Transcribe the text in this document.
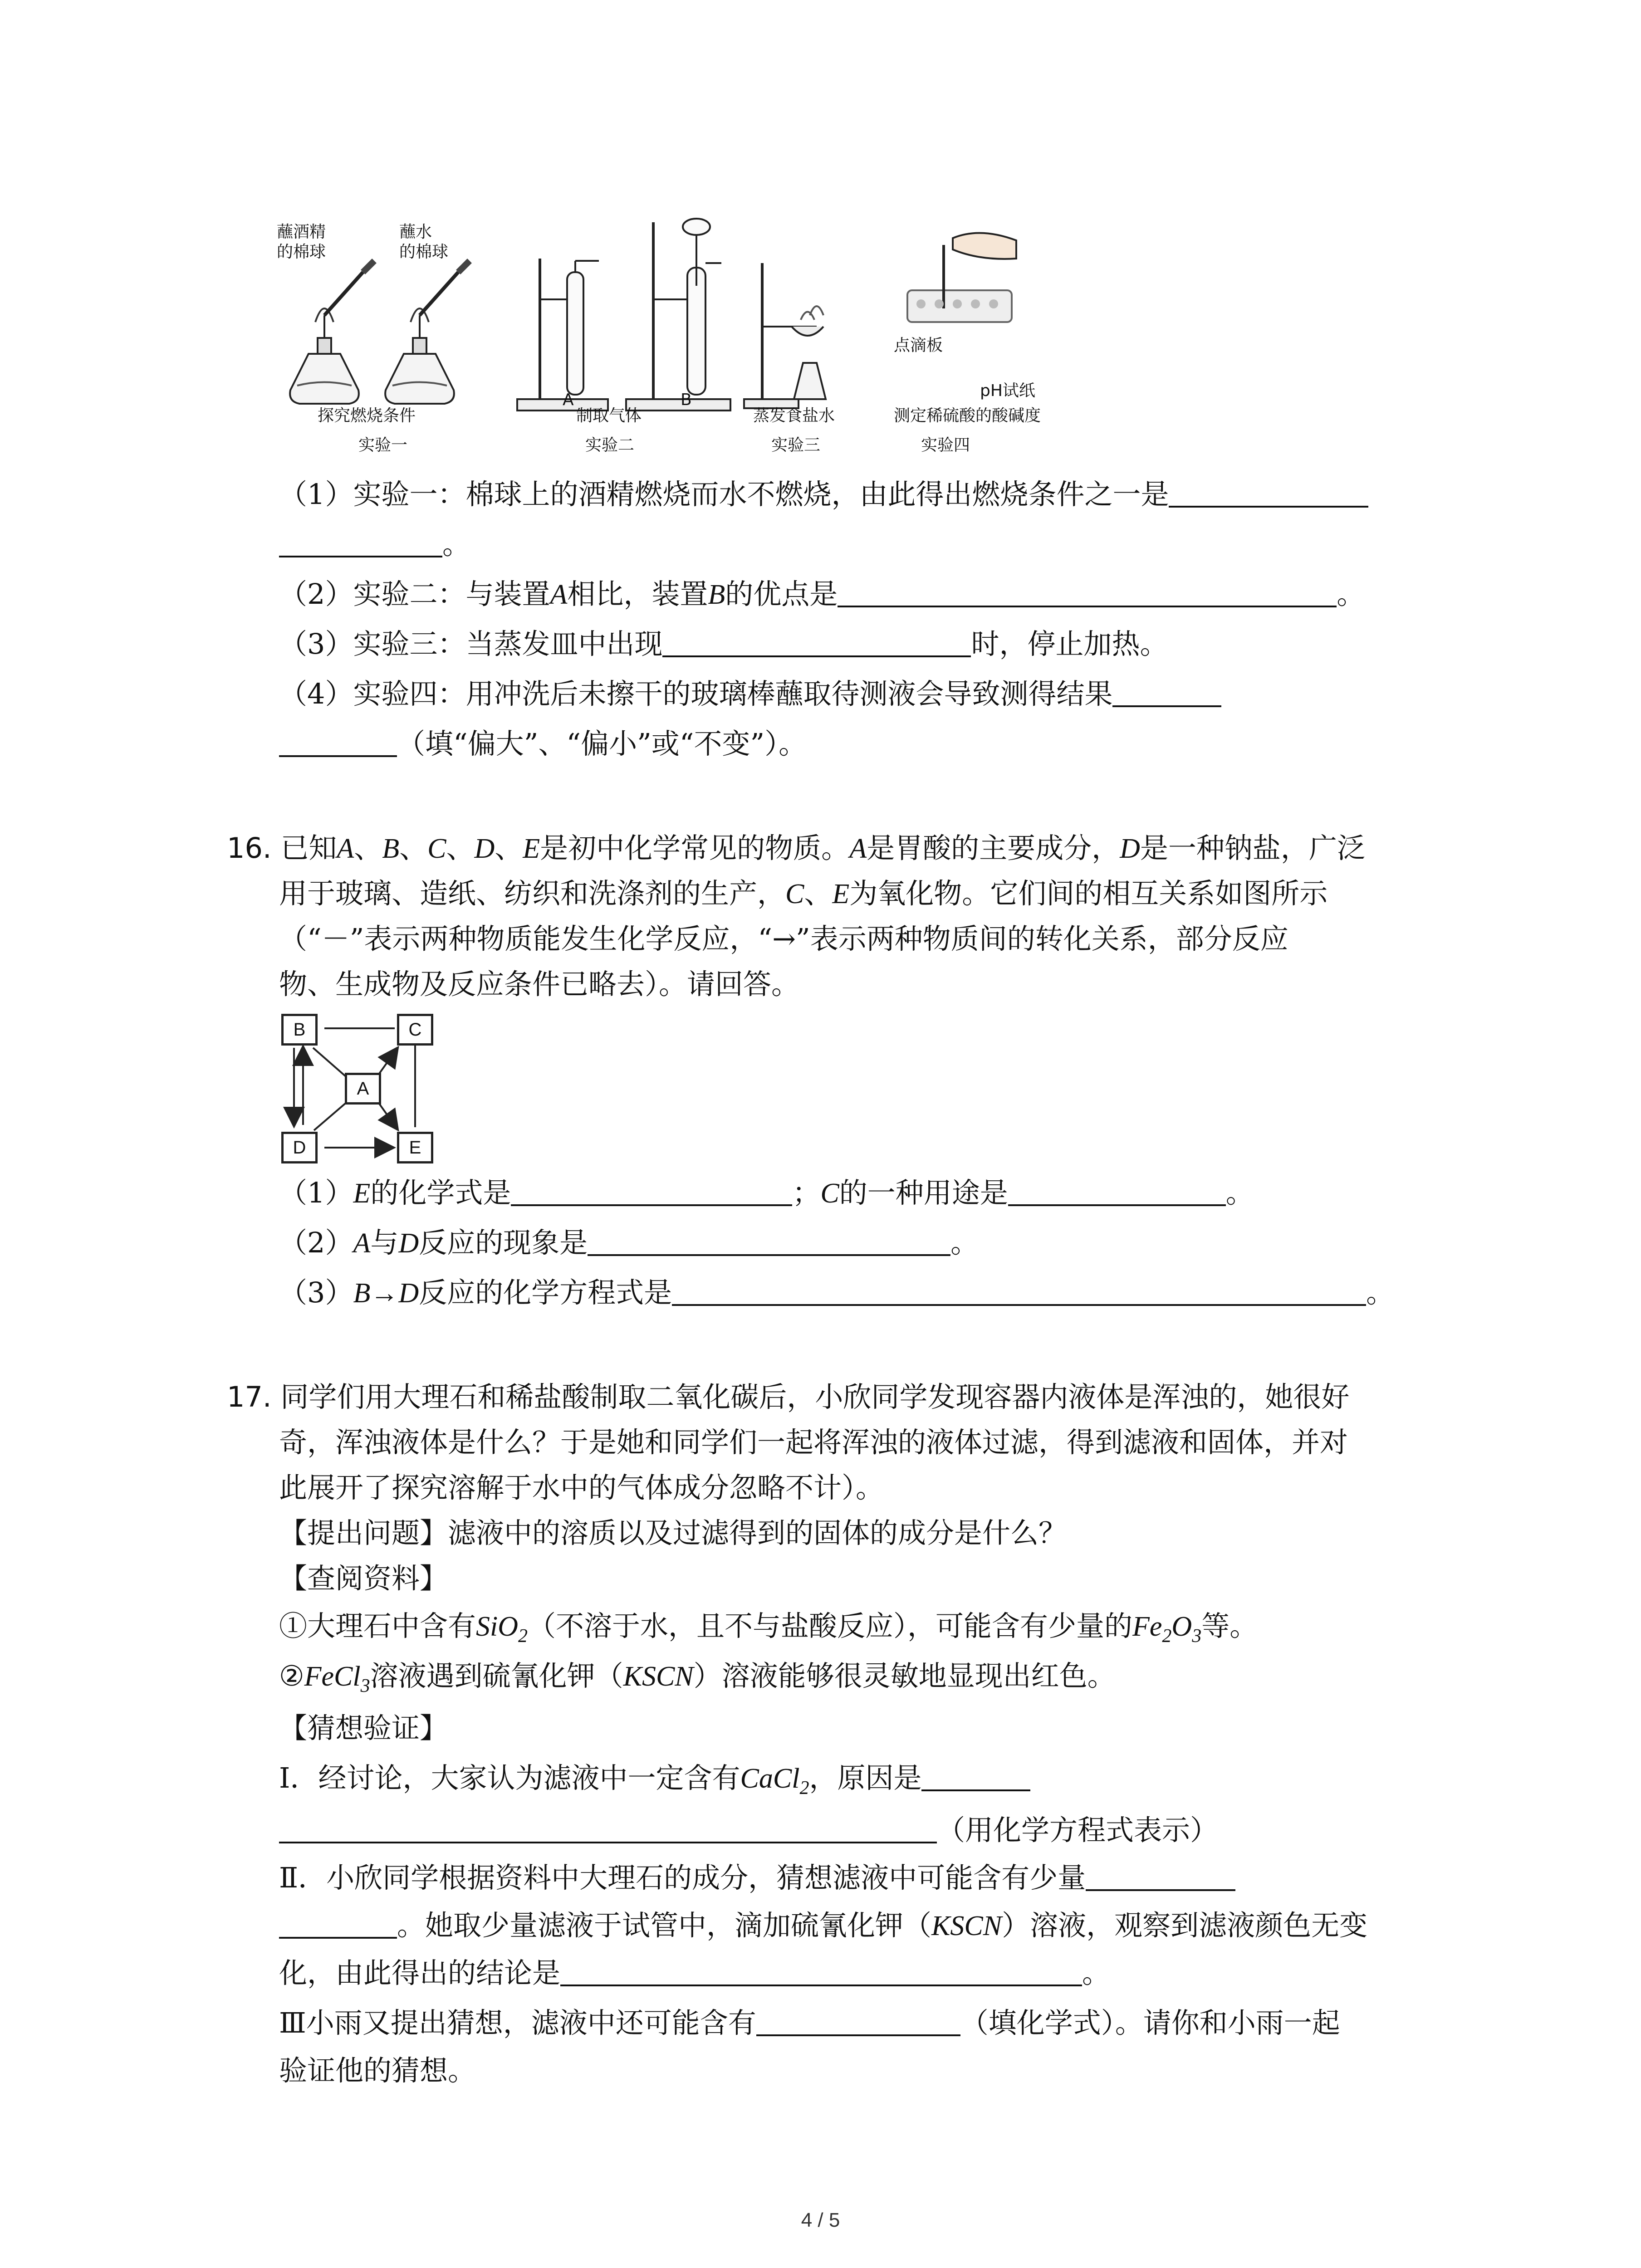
蘸酒精
的棉球
蘸水
的棉球
探究燃烧条件
实验一
A	B
制取气体
实验二
蒸发食盐水
实验三
点滴板
pH试纸
测定稀硫酸的酸碱度
实验四
（1）实验一：棉球上的酒精燃烧而水不燃烧，由此得出燃烧条件之一是
。
（2）实验二：与装置A相比，装置B的优点是	。
（3）实验三：当蒸发皿中出现	时，停止加热。
（4）实验四：用冲洗后未擦干的玻璃棒蘸取待测液会导致测得结果
（填“偏大”、“偏小”或“不变”）。
16. 已知A、B、C、D、E是初中化学常见的物质。A是胃酸的主要成分，D是一种钠盐，广泛
用于玻璃、造纸、纺织和洗涤剂的生产，C、E为氧化物。它们间的相互关系如图所示
（“－”表示两种物质能发生化学反应，“→”表示两种物质间的转化关系，部分反应
物、生成物及反应条件已略去）。请回答。
B	C
A
D	E
（1）E的化学式是	；C的一种用途是	。
（2）A与D反应的现象是	。
（3）B→D反应的化学方程式是	。
17. 同学们用大理石和稀盐酸制取二氧化碳后，小欣同学发现容器内液体是浑浊的，她很好
奇，浑浊液体是什么？于是她和同学们一起将浑浊的液体过滤，得到滤液和固体，并对
此展开了探究溶解于水中的气体成分忽略不计）。
【提出问题】滤液中的溶质以及过滤得到的固体的成分是什么？
【查阅资料】
①大理石中含有SiO$_2$（不溶于水，且不与盐酸反应），可能含有少量的$Fe_2O_3$等。
②FeCl$_3$溶液遇到硫氰化钾（KSCN）溶液能够很灵敏地显现出红色。
【猜想验证】
Ⅰ．经讨论，大家认为滤液中一定含有CaCl$_2$，原因是
（用化学方程式表示）
Ⅱ．小欣同学根据资料中大理石的成分，猜想滤液中可能含有少量
。她取少量滤液于试管中，滴加硫氰化钾（KSCN）溶液，观察到滤液颜色无变
化，由此得出的结论是	。
Ⅲ小雨又提出猜想，滤液中还可能含有	（填化学式）。请你和小雨一起
验证他的猜想。
4 / 5
